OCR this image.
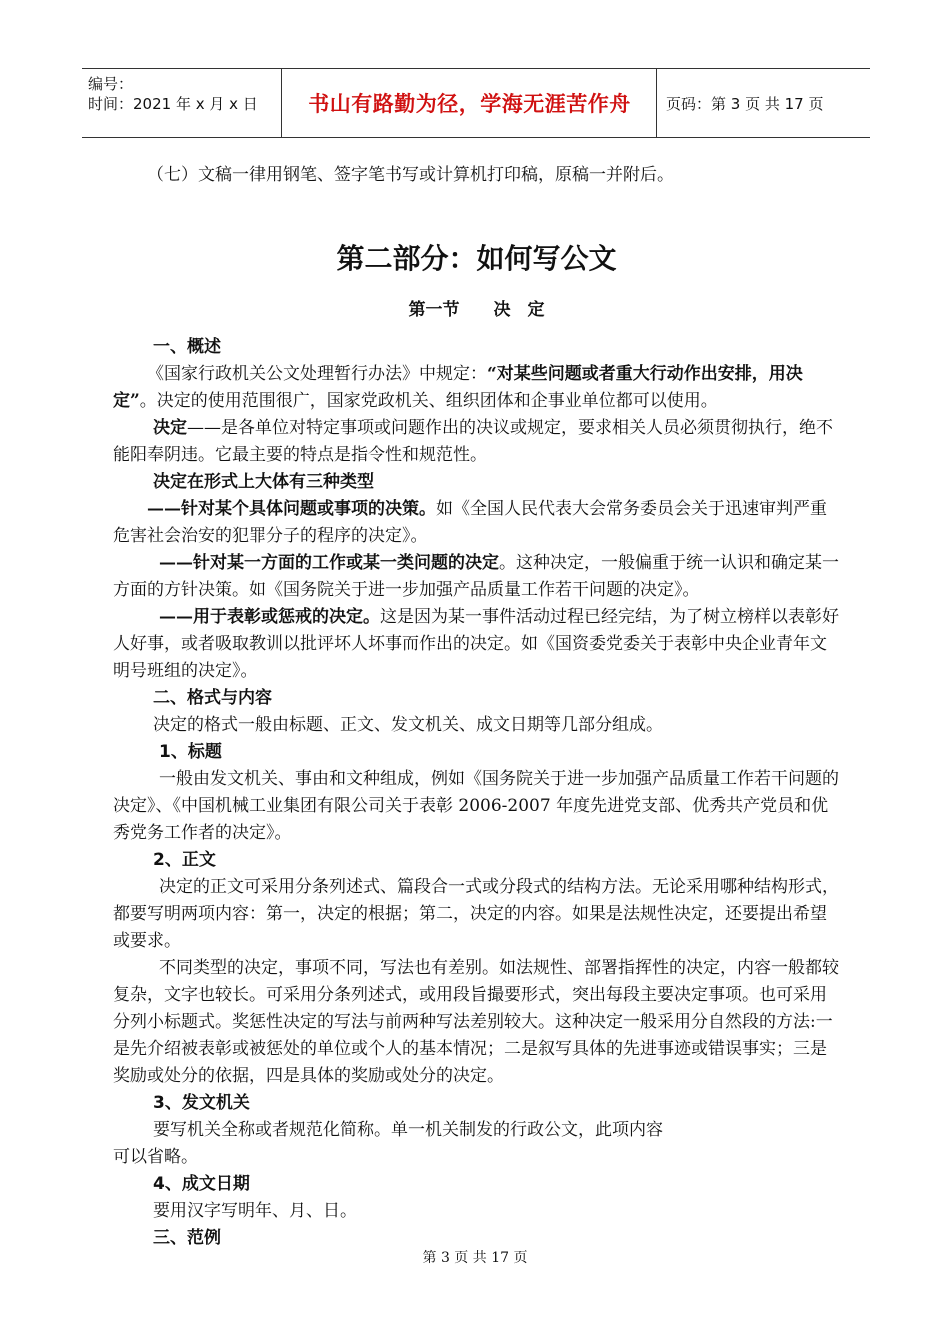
编号：
时间：2021 年 x 月 x 日	书山有路勤为径，学海无涯苦作舟	页码：第 3 页 共 17 页

（七）文稿一律用钢笔、签字笔书写或计算机打印稿，原稿一并附后。

第二部分：如何写公文
第一节　　决　定

一、概述

《国家行政机关公文处理暂行办法》中规定：“对某些问题或者重大行动作出安排，用决定”。决定的使用范围很广，国家党政机关、组织团体和企事业单位都可以使用。

决定——是各单位对特定事项或问题作出的决议或规定，要求相关人员必须贯彻执行，绝不能阳奉阴违。它最主要的特点是指令性和规范性。

决定在形式上大体有三种类型

——针对某个具体问题或事项的决策。如《全国人民代表大会常务委员会关于迅速审判严重危害社会治安的犯罪分子的程序的决定》。

——针对某一方面的工作或某一类问题的决定。这种决定，一般偏重于统一认识和确定某一方面的方针决策。如《国务院关于进一步加强产品质量工作若干问题的决定》。

——用于表彰或惩戒的决定。这是因为某一事件活动过程已经完结，为了树立榜样以表彰好人好事，或者吸取教训以批评坏人坏事而作出的决定。如《国资委党委关于表彰中央企业青年文明号班组的决定》。

二、格式与内容

决定的格式一般由标题、正文、发文机关、成文日期等几部分组成。

1、标题

一般由发文机关、事由和文种组成，例如《国务院关于进一步加强产品质量工作若干问题的决定》、《中国机械工业集团有限公司关于表彰 2006-2007 年度先进党支部、优秀共产党员和优秀党务工作者的决定》。

2、正文

决定的正文可采用分条列述式、篇段合一式或分段式的结构方法。无论采用哪种结构形式，都要写明两项内容：第一，决定的根据；第二，决定的内容。如果是法规性决定，还要提出希望或要求。

不同类型的决定，事项不同，写法也有差别。如法规性、部署指挥性的决定，内容一般都较复杂，文字也较长。可采用分条列述式，或用段旨撮要形式，突出每段主要决定事项。也可采用分列小标题式。奖惩性决定的写法与前两种写法差别较大。这种决定一般采用分自然段的方法:一是先介绍被表彰或被惩处的单位或个人的基本情况；二是叙写具体的先进事迹或错误事实；三是奖励或处分的依据，四是具体的奖励或处分的决定。

3、发文机关

要写机关全称或者规范化简称。单一机关制发的行政公文，此项内容

可以省略。

4、成文日期

要用汉字写明年、月、日。

三、范例

第 3 页 共 17 页
